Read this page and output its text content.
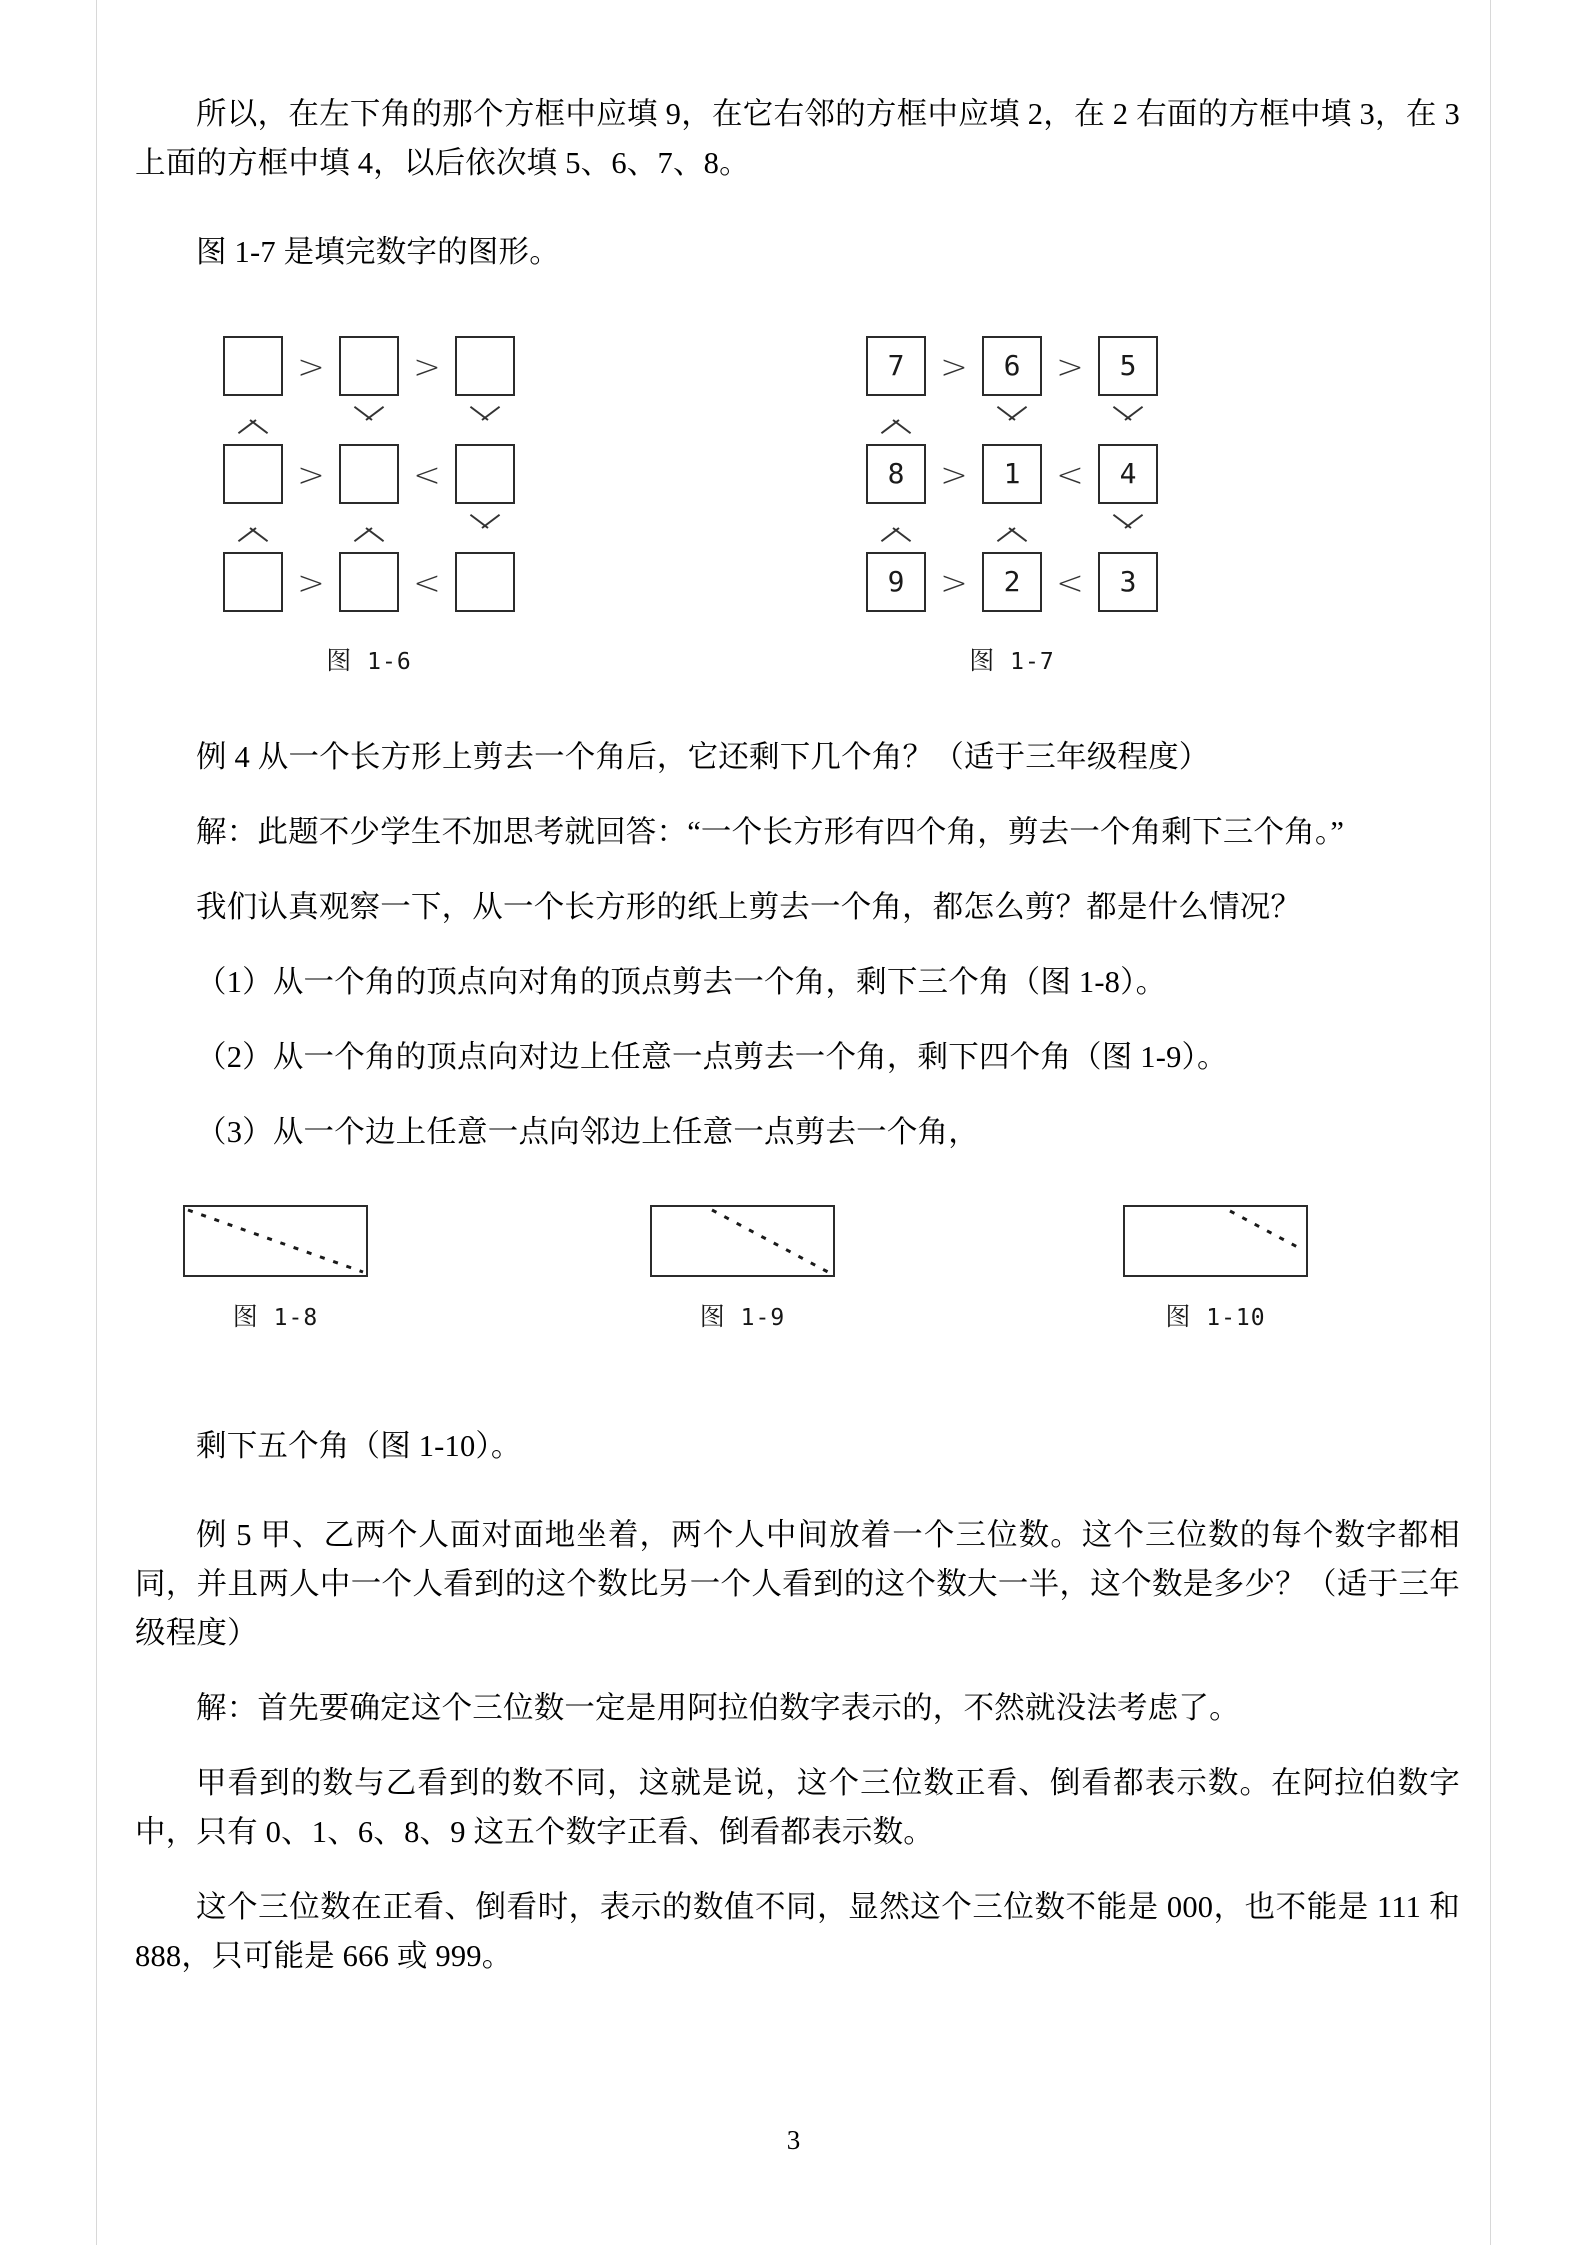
所以，在左下角的那个方框中应填 9，在它右邻的方框中应填 2，在 2 右面的方框中填 3，在 3 上面的方框中填 4，以后依次填 5、6、7、8。

图 1-7 是填完数字的图形。

>	>
>	<
>	<
图 1-6
7	>	6	>	5
8	>	1	<	4
9	>	2	<	3
图 1-7

例 4 从一个长方形上剪去一个角后，它还剩下几个角？（适于三年级程度）

解：此题不少学生不加思考就回答：“一个长方形有四个角，剪去一个角剩下三个角。”

我们认真观察一下，从一个长方形的纸上剪去一个角，都怎么剪？都是什么情况？

（1）从一个角的顶点向对角的顶点剪去一个角，剩下三个角（图 1-8）。

（2）从一个角的顶点向对边上任意一点剪去一个角，剩下四个角（图 1-9）。

（3）从一个边上任意一点向邻边上任意一点剪去一个角，

图 1-8	图 1-9	图 1-10

剩下五个角（图 1-10）。

例 5 甲、乙两个人面对面地坐着，两个人中间放着一个三位数。这个三位数的每个数字都相同，并且两人中一个人看到的这个数比另一个人看到的这个数大一半，这个数是多少？（适于三年级程度）

解：首先要确定这个三位数一定是用阿拉伯数字表示的，不然就没法考虑了。

甲看到的数与乙看到的数不同，这就是说，这个三位数正看、倒看都表示数。在阿拉伯数字中，只有 0、1、6、8、9 这五个数字正看、倒看都表示数。

这个三位数在正看、倒看时，表示的数值不同，显然这个三位数不能是 000，也不能是 111 和 888，只可能是 666 或 999。

3
